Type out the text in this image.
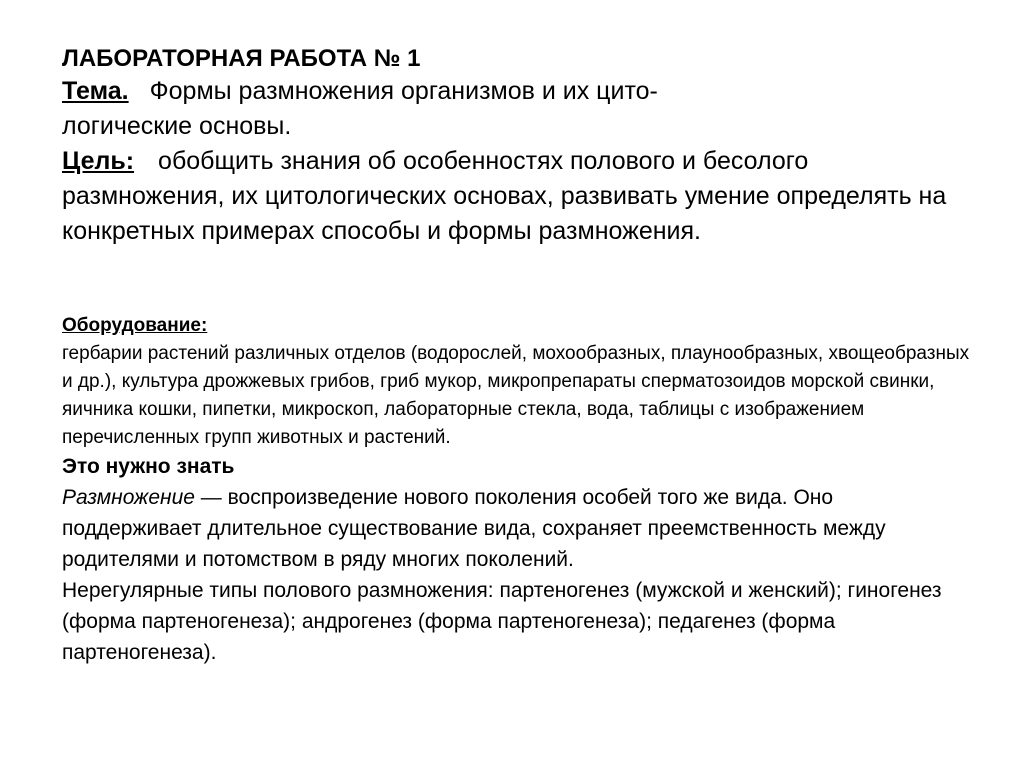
ЛАБОРАТОРНАЯ РАБОТА № 1

Тема. Формы размножения организмов и их цито-
логические основы.

Цель: обобщить знания об особенностях полового и бесолого
размножения, их цитологических основах, развивать умение определять на конкретных примерах способы и формы размножения.

Оборудование:

гербарии растений различных отделов (водорослей, мохообразных, плаунообразных, хвощеобразных и др.), культура дрожжевых грибов, гриб мукор, микропрепараты сперматозоидов морской свинки, яичника кошки, пипетки, микроскоп, лабораторные стекла, вода, таблицы с изображением перечисленных групп животных и растений.

Это нужно знать

Размножение — воспроизведение нового поколения особей того же вида. Оно поддерживает длительное существование вида, сохраняет преемственность между родителями и потомством в ряду многих поколений.

Нерегулярные типы полового размножения: партеногенез (мужской и женский); гиногенез (форма партеногенеза); андрогенез (форма партеногенеза); педагенез (форма партеногенеза).
